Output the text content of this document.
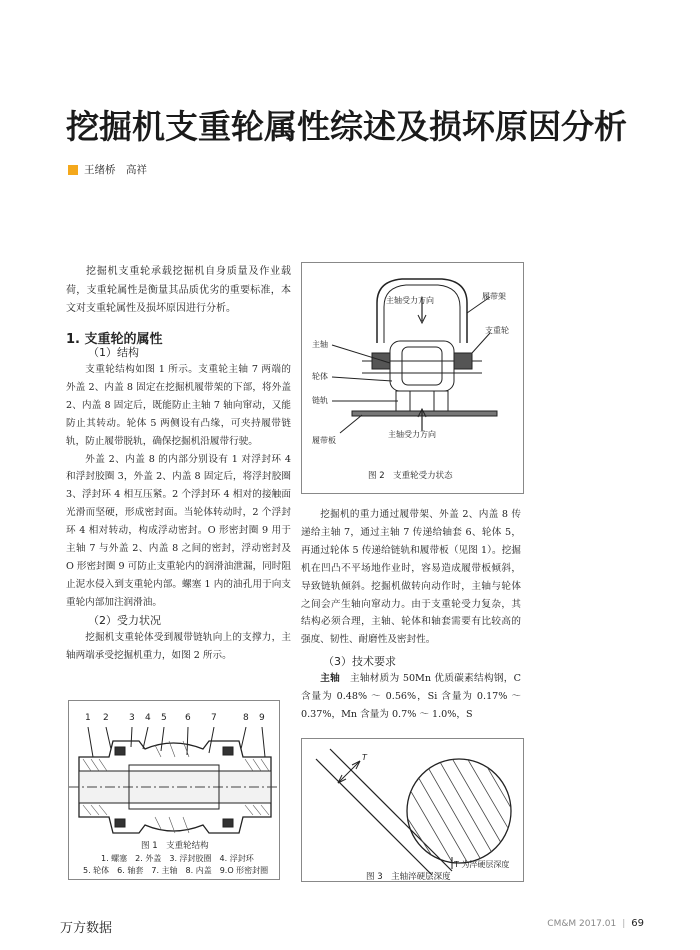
挖掘机支重轮属性综述及损坏原因分析
王绪桥　高祥

挖掘机支重轮承载挖掘机自身质量及作业载荷，支重轮属性是衡量其品质优劣的重要标准，本文对支重轮属性及损坏原因进行分析。

1. 支重轮的属性

（1）结构

支重轮结构如图 1 所示。支重轮主轴 7 两端的外盖 2、内盖 8 固定在挖掘机履带架的下部，将外盖 2、内盖 8 固定后，既能防止主轴 7 轴向窜动，又能防止其转动。轮体 5 两侧设有凸缘，可夹持履带链轨，防止履带脱轨，确保挖掘机沿履带行驶。

外盖 2、内盖 8 的内部分别设有 1 对浮封环 4 和浮封胶圈 3，外盖 2、内盖 8 固定后，将浮封胶圈 3、浮封环 4 相互压紧。2 个浮封环 4 相对的接触面光滑而坚硬，形成密封面。当轮体转动时，2 个浮封环 4 相对转动，构成浮动密封。O 形密封圈 9 用于主轴 7 与外盖 2、内盖 8 之间的密封，浮动密封及 O 形密封圈 9 可防止支重轮内的润滑油泄漏，同时阻止泥水侵入到支重轮内部。螺塞 1 内的油孔用于向支重轮内部加注润滑油。

（2）受力状况

挖掘机支重轮体受到履带链轨向上的支撑力，主轴两端承受挖掘机重力，如图 2 所示。

挖掘机的重力通过履带架、外盖 2、内盖 8 传递给主轴 7，通过主轴 7 传递给轴套 6、轮体 5，再通过轮体 5 传递给链轨和履带板（见图 1）。挖掘机在凹凸不平场地作业时，容易造成履带板倾斜，导致链轨倾斜。挖掘机做转向动作时，主轴与轮体之间会产生轴向窜动力。由于支重轮受力复杂，其结构必须合理，主轴、轮体和轴套需要有比较高的强度、韧性、耐磨性及密封性。

（3）技术要求

主轴　 主轴材质为 50Mn 优质碳素结构钢，C 含量为 0.48% ～ 0.56%，Si 含量为 0.17% ～ 0.37%，Mn 含量为 0.7% ～ 1.0%，S

主轴受力方向	履带架
支重轮
主轴
轮体
链轨
主轴受力方向
履带板
图 2　支重轮受力状态
1 2 3 4 5 6 7	8 9
图 1　支重轮结构
1. 螺塞　2. 外盖　3. 浮封胶圈　4. 浮封环
5. 轮体　6. 轴套　7. 主轴　8. 内盖　9.O 形密封圈
T
T 为淬硬层深度
图 3　主轴淬硬层深度
万方数据	CM&M 2017.01 | 69
